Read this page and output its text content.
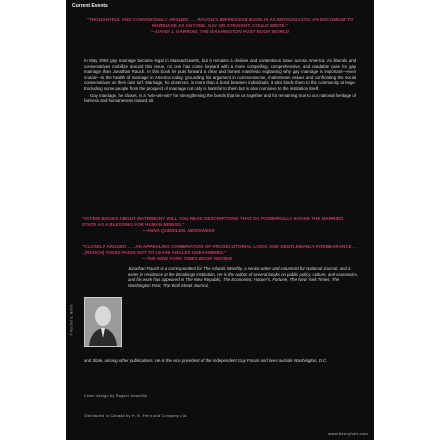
Current Events
"THOUGHTFUL AND CONVINCINGLY ARGUED . . . RAUCH'S IMPRESSIVE BOOK IS AS ENTHUSIASTIC AN ENCOMIUM TO MARRIAGE AS ANYONE, GAY OR STRAIGHT, COULD WRITE."
—DAVID J. GARROW, THE WASHINGTON POST BOOK WORLD

In May 2004 gay marriage became legal in Massachusetts, but it remains a divisive and contentious issue across America. As liberals and conservatives mobilize around this issue, no one has come forward with a more compelling, comprehensive, and readable case for gay marriage than Jonathan Rauch. In this book he puts forward a clear and honest manifesto explaining why gay marriage is important—even crucial—to the health of marriage in America today, grounding his argument in commonsense, mainstream values and confronting the social conservatives on their own turf. Marriage, he observes, is more than a bond between individuals; it also binds them to the community at large. Excluding some people from the prospect of marriage not only is harmful to them but is also corrosive to the institution itself.

Gay marriage, he shows, is a "win-win-win" for strengthening the bonds that tie us together and for remaining true to our national heritage of fairness and humaneness toward all.

"IN FEW BOOKS ABOUT MATRIMONY WILL YOU READ DESCRIPTIONS THAT SO POWERFULLY EVOKE THE MARRIED STATE AS A BLESSING FOR HUMAN BEINGS."
—ANNA QUINDLEN, NEWSWEEK
"CLOSELY ARGUED . . . AN APPEALING COMBINATION OF PROSECUTORIAL LOGIC AND GENTLEMANLY FORBEARANCE . . . [RAUCH] TAKES PAINS NOT TO LEAVE ANGLES UNEXAMINED."
—THE NEW YORK TIMES BOOK REVIEW
© Rachel E. Bohm
Jonathan Rauch is a correspondent for The Atlantic Monthly, a senior writer and columnist for National Journal, and a writer in residence at the Brookings Institution. He is the author of several books on public policy, culture, and economics, and his work has appeared in The New Republic, The Economist, Harper's, Fortune, The New York Times, The Washington Post, The Wall Street Journal,
and Slate, among other publications. He is the vice president of the Independent Gay Forum and lives outside Washington, D.C.
Cover design by Raquel Jaramillo
Distributed in Canada by H. B. Fenn and Company Ltd.
www.henryholt.com
